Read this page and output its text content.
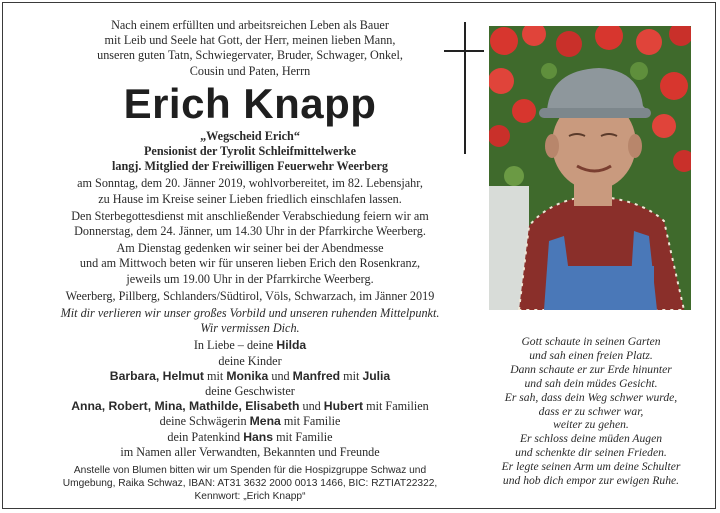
Nach einem erfüllten und arbeitsreichen Leben als Bauer
mit Leib und Seele hat Gott, der Herr, meinen lieben Mann,
unseren guten Tatn, Schwiegervater, Bruder, Schwager, Onkel,
Cousin und Paten, Herrn
Erich Knapp
„Wegscheid Erich“
Pensionist der Tyrolit Schleifmittelwerke
langj. Mitglied der Freiwilligen Feuerwehr Weerberg
am Sonntag, dem 20. Jänner 2019, wohlvorbereitet, im 82. Lebensjahr,
zu Hause im Kreise seiner Lieben friedlich einschlafen lassen.
Den Sterbegottesdienst mit anschließender Verabschiedung feiern wir am
Donnerstag, dem 24. Jänner, um 14.30 Uhr in der Pfarrkirche Weerberg.
Am Dienstag gedenken wir seiner bei der Abendmesse
und am Mittwoch beten wir für unseren lieben Erich den Rosenkranz,
jeweils um 19.00 Uhr in der Pfarrkirche Weerberg.
Weerberg, Pillberg, Schlanders/Südtirol, Völs, Schwarzach, im Jänner 2019
Mit dir verlieren wir unser großes Vorbild und unseren ruhenden Mittelpunkt.
Wir vermissen Dich.
In Liebe – deine Hilda
deine Kinder
Barbara, Helmut mit Monika und Manfred mit Julia
deine Geschwister
Anna, Robert, Mina, Mathilde, Elisabeth und Hubert mit Familien
deine Schwägerin Mena mit Familie
dein Patenkind Hans mit Familie
im Namen aller Verwandten, Bekannten und Freunde
Anstelle von Blumen bitten wir um Spenden für die Hospizgruppe Schwaz und
Umgebung, Raika Schwaz, IBAN: AT31 3632 2000 0013 1466, BIC: RZTIAT22322,
Kennwort: „Erich Knapp“
Gott schaute in seinen Garten
und sah einen freien Platz.
Dann schaute er zur Erde hinunter
und sah dein müdes Gesicht.
Er sah, dass dein Weg schwer wurde,
dass er zu schwer war,
weiter zu gehen.
Er schloss deine müden Augen
und schenkte dir seinen Frieden.
Er legte seinen Arm um deine Schulter
und hob dich empor zur ewigen Ruhe.
